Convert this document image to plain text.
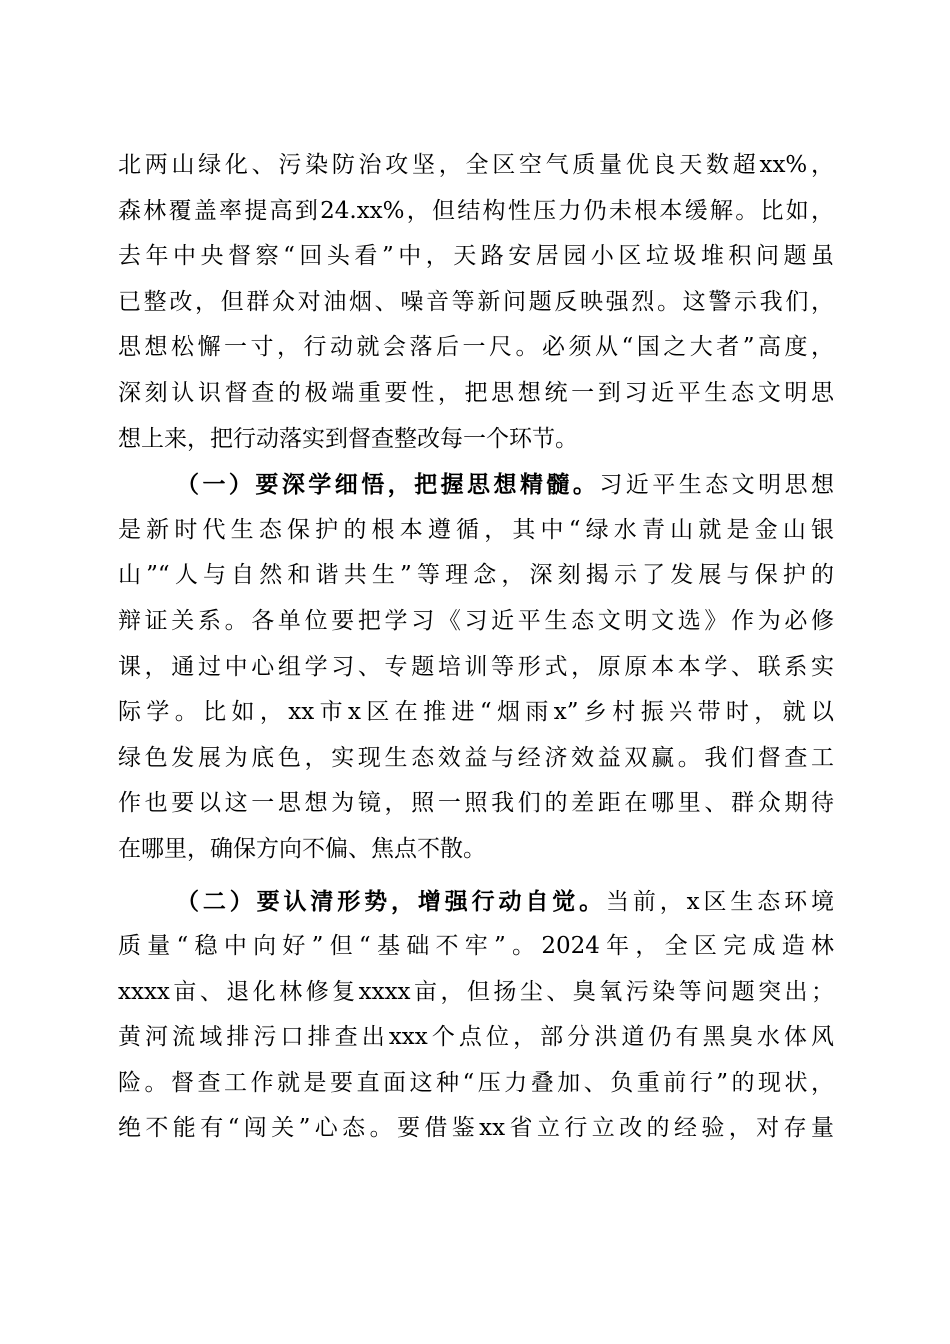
北两山绿化、污染防治攻坚，全区空气质量优良天数超xx%，
森林覆盖率提高到24.xx%，但结构性压力仍未根本缓解。比如，
去年中央督察“回头看”中，天路安居园小区垃圾堆积问题虽
已整改，但群众对油烟、噪音等新问题反映强烈。这警示我们，
思想松懈一寸，行动就会落后一尺。必须从“国之大者”高度，
深刻认识督查的极端重要性，把思想统一到习近平生态文明思
想上来，把行动落实到督查整改每一个环节。
（一）要深学细悟，把握思想精髓。习近平生态文明思想
是新时代生态保护的根本遵循，其中“绿水青山就是金山银
山”“人与自然和谐共生”等理念，深刻揭示了发展与保护的
辩证关系。各单位要把学习《习近平生态文明文选》作为必修
课，通过中心组学习、专题培训等形式，原原本本学、联系实
际学。比如，xx市x区在推进“烟雨x”乡村振兴带时，就以
绿色发展为底色，实现生态效益与经济效益双赢。我们督查工
作也要以这一思想为镜，照一照我们的差距在哪里、群众期待
在哪里，确保方向不偏、焦点不散。
（二）要认清形势，增强行动自觉。当前，x区生态环境
质量“稳中向好”但“基础不牢”。2024年，全区完成造林
xxxx亩、退化林修复xxxx亩，但扬尘、臭氧污染等问题突出；
黄河流域排污口排查出xxx个点位，部分洪道仍有黑臭水体风
险。督查工作就是要直面这种“压力叠加、负重前行”的现状，
绝不能有“闯关”心态。要借鉴xx省立行立改的经验，对存量
